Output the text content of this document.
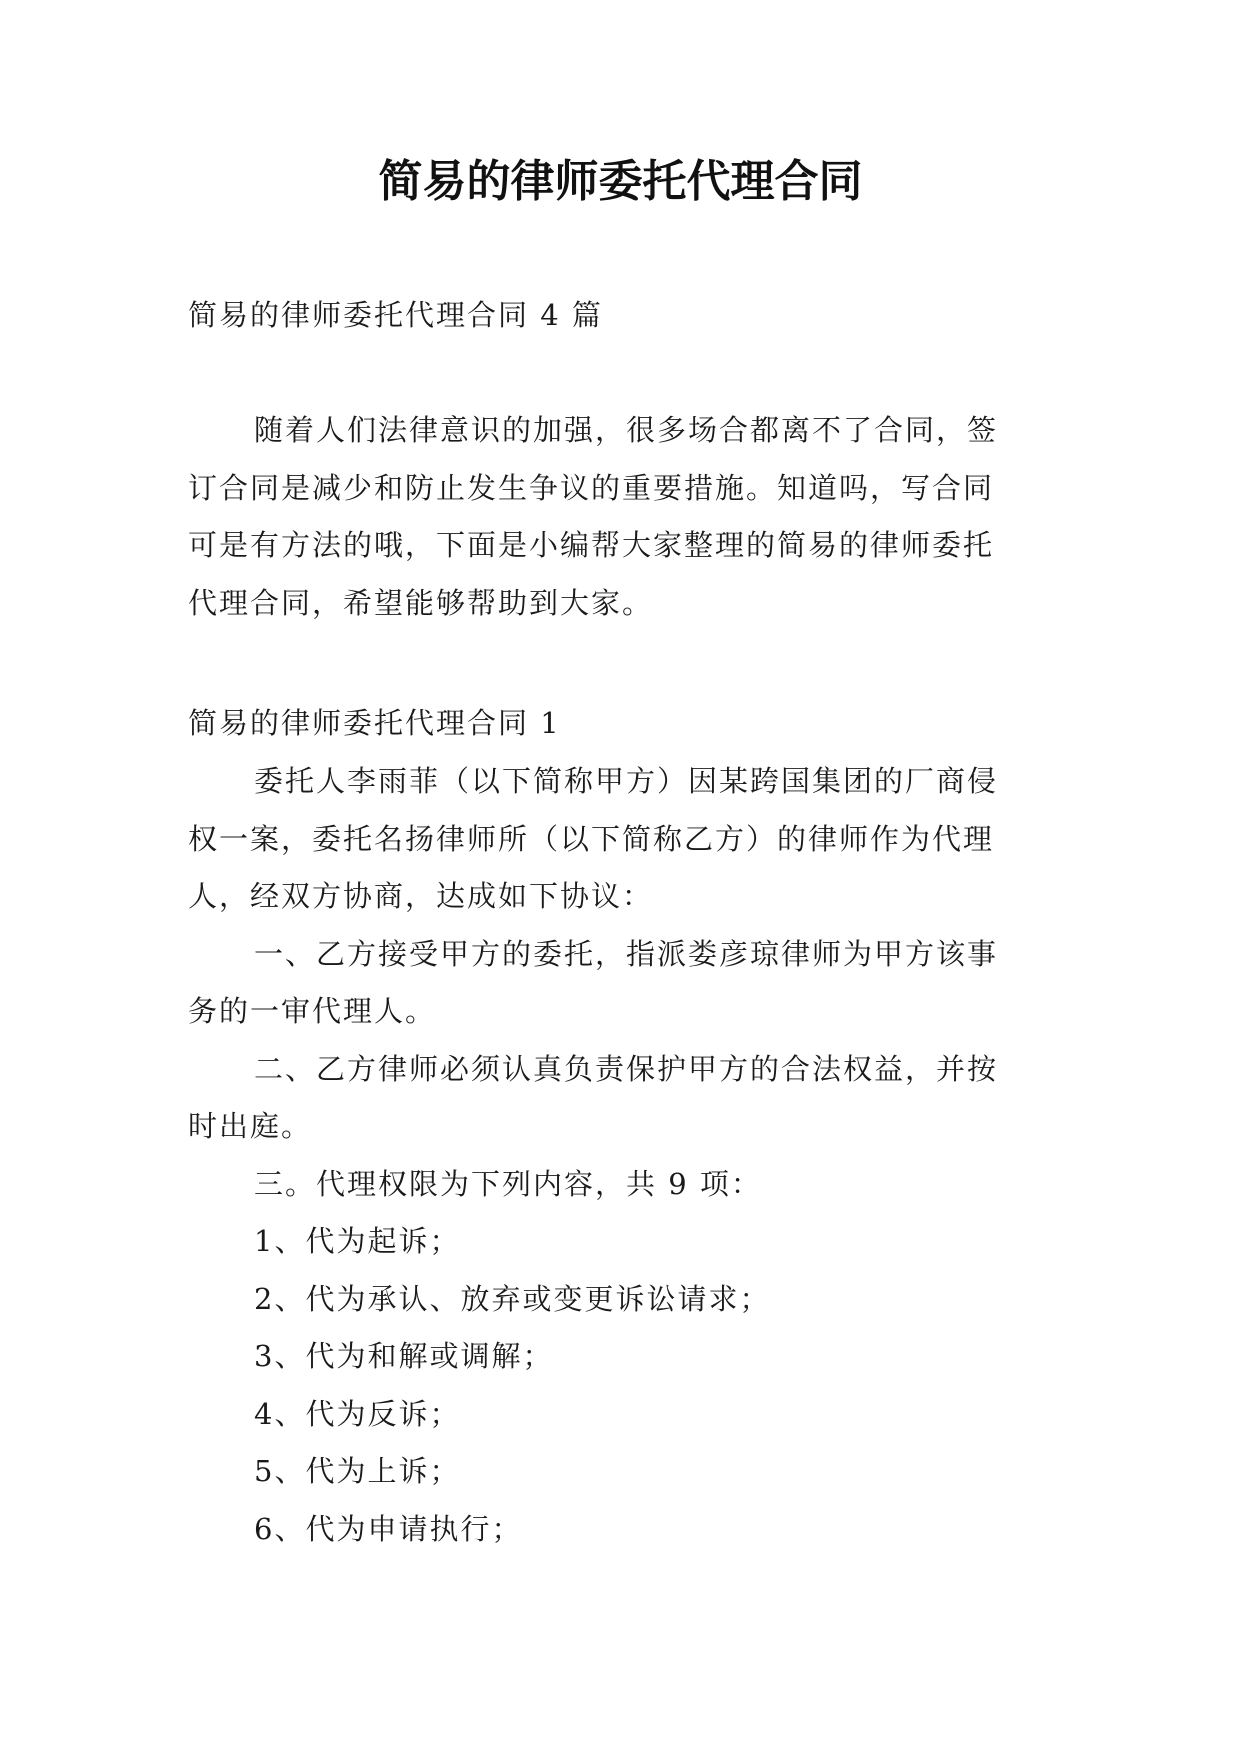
简易的律师委托代理合同

简易的律师委托代理合同 4 篇

随着人们法律意识的加强，很多场合都离不了合同，签

订合同是减少和防止发生争议的重要措施。知道吗，写合同

可是有方法的哦，下面是小编帮大家整理的简易的律师委托

代理合同，希望能够帮助到大家。

简易的律师委托代理合同 1

委托人李雨菲（以下简称甲方）因某跨国集团的厂商侵

权一案，委托名扬律师所（以下简称乙方）的律师作为代理

人，经双方协商，达成如下协议：

一、乙方接受甲方的委托，指派娄彦琼律师为甲方该事

务的一审代理人。

二、乙方律师必须认真负责保护甲方的合法权益，并按

时出庭。

三。代理权限为下列内容，共 9 项：

1、代为起诉；

2、代为承认、放弃或变更诉讼请求；

3、代为和解或调解；

4、代为反诉；

5、代为上诉；

6、代为申请执行；
